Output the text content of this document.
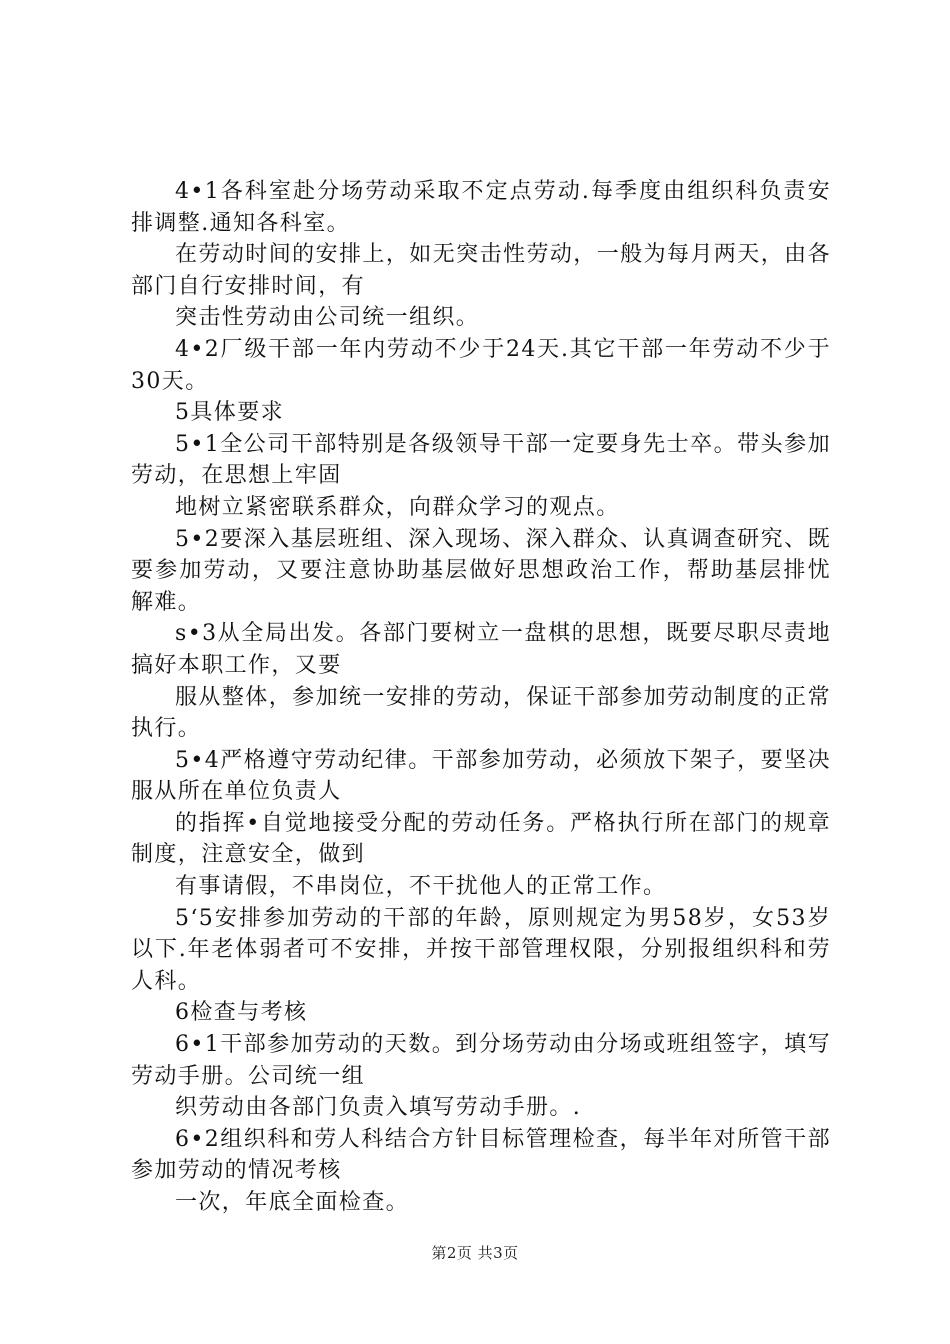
4•1各科室赴分场劳动采取不定点劳动.每季度由组织科负责安排调整.通知各科室。

在劳动时间的安排上，如无突击性劳动，一般为每月两天，由各部门自行安排时间，有

突击性劳动由公司统一组织。

4•2厂级干部一年内劳动不少于24天.其它干部一年劳动不少于30天。

5具体要求

5•1全公司干部特别是各级领导干部一定要身先士卒。带头参加劳动，在思想上牢固

地树立紧密联系群众，向群众学习的观点。

5•2要深入基层班组、深入现场、深入群众、认真调查研究、既要参加劳动，又要注意协助基层做好思想政治工作，帮助基层排忧解难。

s•3从全局出发。各部门要树立一盘棋的思想，既要尽职尽责地搞好本职工作，又要

服从整体，参加统一安排的劳动，保证干部参加劳动制度的正常执行。

5•4严格遵守劳动纪律。干部参加劳动，必须放下架子，要坚决服从所在单位负责人

的指挥•自觉地接受分配的劳动任务。严格执行所在部门的规章制度，注意安全，做到

有事请假，不串岗位，不干扰他人的正常工作。

5‘5安排参加劳动的干部的年龄，原则规定为男58岁，女53岁以下.年老体弱者可不安排，并按干部管理权限，分别报组织科和劳人科。

6检查与考核

6•1干部参加劳动的天数。到分场劳动由分场或班组签字，填写劳动手册。公司统一组

织劳动由各部门负责入填写劳动手册。.

6•2组织科和劳人科结合方针目标管理检查，每半年对所管干部参加劳动的情况考核

一次，年底全面检查。

第2页 共3页
